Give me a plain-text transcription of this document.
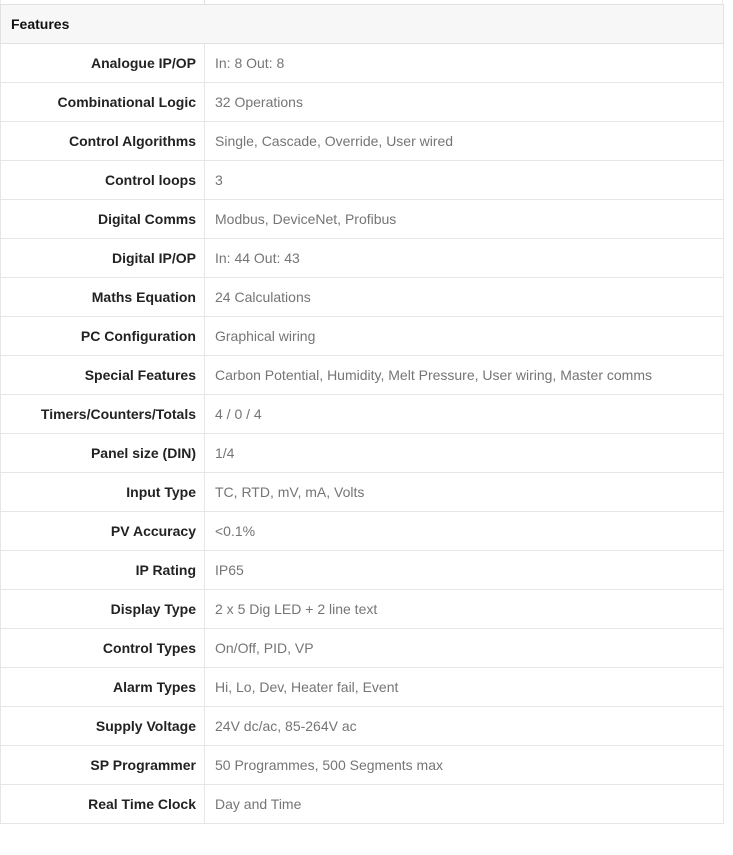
Features	
Analogue IP/OP	In: 8 Out: 8
Combinational Logic	32 Operations
Control Algorithms	Single, Cascade, Override, User wired
Control loops	3
Digital Comms	Modbus, DeviceNet, Profibus
Digital IP/OP	In: 44 Out: 43
Maths Equation	24 Calculations
PC Configuration	Graphical wiring
Special Features	Carbon Potential, Humidity, Melt Pressure, User wiring, Master comms
Timers/Counters/Totals	4 / 0 / 4
Panel size (DIN)	1/4
Input Type	TC, RTD, mV, mA, Volts
PV Accuracy	<0.1%
IP Rating	IP65
Display Type	2 x 5 Dig LED + 2 line text
Control Types	On/Off, PID, VP
Alarm Types	Hi, Lo, Dev, Heater fail, Event
Supply Voltage	24V dc/ac, 85-264V ac
SP Programmer	50 Programmes, 500 Segments max
Real Time Clock	Day and Time
